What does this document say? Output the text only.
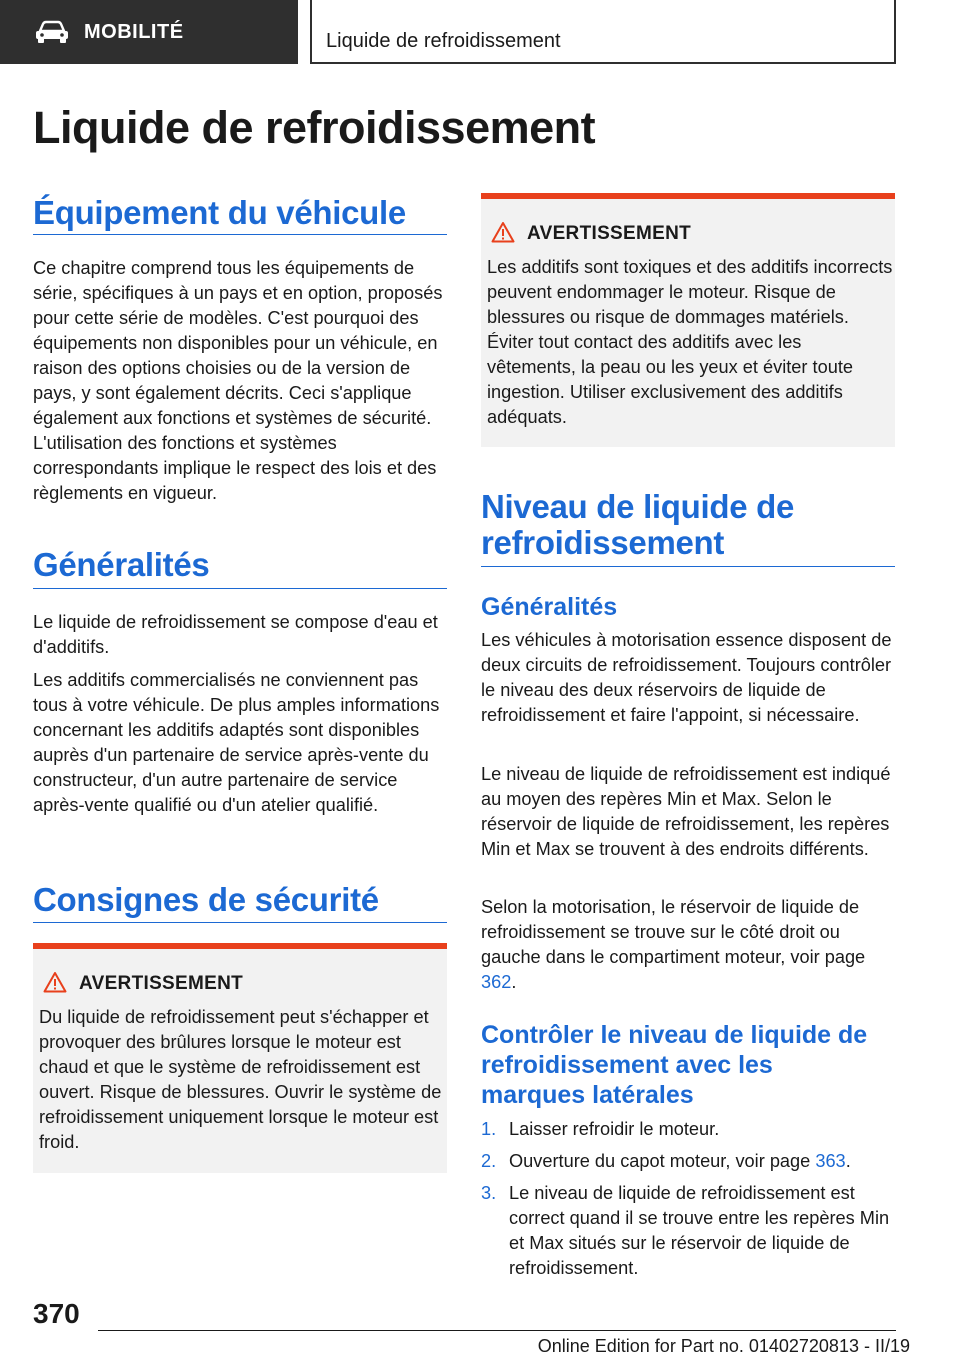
MOBILITÉ	Liquide de refroidissement
Liquide de refroidissement
Équipement du véhicule

Ce chapitre comprend tous les équipements de série, spécifiques à un pays et en option, proposés pour cette série de modèles. C'est pourquoi des équipements non disponibles pour un véhicule, en raison des options choisies ou de la version de pays, y sont également décrits. Ceci s'applique également aux fonctions et systèmes de sécurité. L'utilisation des fonctions et systèmes correspondants implique le respect des lois et des règlements en vigueur.

Généralités

Le liquide de refroidissement se compose d'eau et d'additifs.

Les additifs commercialisés ne conviennent pas tous à votre véhicule. De plus amples informations concernant les additifs adaptés sont disponibles auprès d'un partenaire de service après-vente du constructeur, d'un autre partenaire de service après-vente qualifié ou d'un atelier qualifié.

Consignes de sécurité
AVERTISSEMENT

Du liquide de refroidissement peut s'échapper et provoquer des brûlures lorsque le moteur est chaud et que le système de refroidissement est ouvert. Risque de blessures. Ouvrir le système de refroidissement uniquement lorsque le moteur est froid.

AVERTISSEMENT

Les additifs sont toxiques et des additifs incorrects peuvent endommager le moteur. Risque de blessures ou risque de dommages matériels. Éviter tout contact des additifs avec les vêtements, la peau ou les yeux et éviter toute ingestion. Utiliser exclusivement des additifs adéquats.

Niveau de liquide de
refroidissement
Généralités

Les véhicules à motorisation essence disposent de deux circuits de refroidissement. Toujours contrôler le niveau des deux réservoirs de liquide de refroidissement et faire l'appoint, si nécessaire.

Le niveau de liquide de refroidissement est indiqué au moyen des repères Min et Max. Selon le réservoir de liquide de refroidissement, les repères Min et Max se trouvent à des endroits différents.

Selon la motorisation, le réservoir de liquide de refroidissement se trouve sur le côté droit ou gauche dans le compartiment moteur, voir page 362.

Contrôler le niveau de liquide de
refroidissement avec les
marques latérales
1. Laisser refroidir le moteur.
2. Ouverture du capot moteur, voir page 363.
3. Le niveau de liquide de refroidissement est correct quand il se trouve entre les repères Min et Max situés sur le réservoir de liquide de refroidissement.
370
Online Edition for Part no. 01402720813 - II/19
